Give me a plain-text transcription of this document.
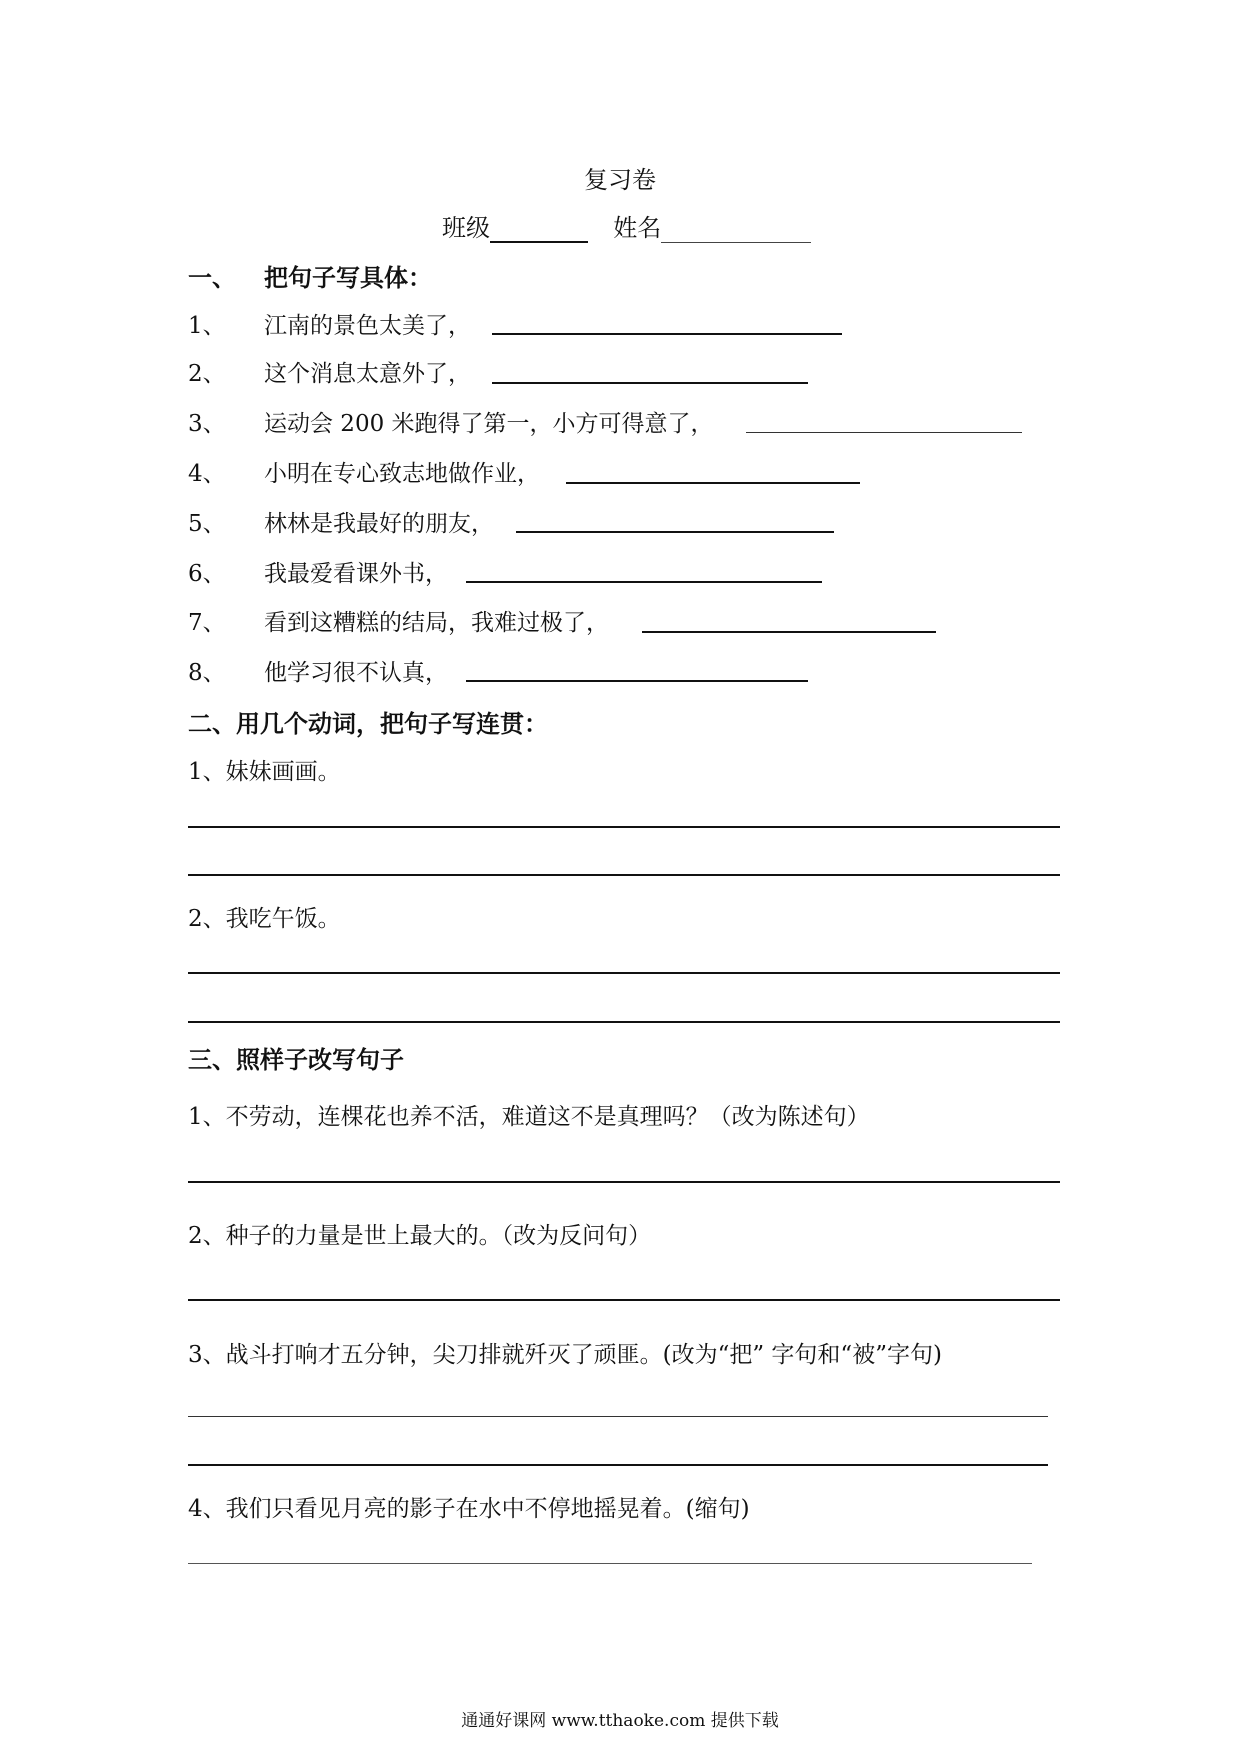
复习卷
班级	姓名
一、 把句子写具体：
1、 江南的景色太美了，
2、 这个消息太意外了，
3、 运动会 200 米跑得了第一，小方可得意了，
4、 小明在专心致志地做作业，
5、 林林是我最好的朋友，
6、 我最爱看课外书，
7、 看到这糟糕的结局，我难过极了，
8、 他学习很不认真，
二、用几个动词，把句子写连贯：
1、妹妹画画。
2、我吃午饭。
三、照样子改写句子
1、不劳动，连棵花也养不活，难道这不是真理吗？（改为陈述句）
2、种子的力量是世上最大的。（改为反问句）
3、战斗打响才五分钟，尖刀排就歼灭了顽匪。(改为“把” 字句和“被”字句)
4、我们只看见月亮的影子在水中不停地摇晃着。(缩句)
通通好课网 www.tthaoke.com 提供下载
